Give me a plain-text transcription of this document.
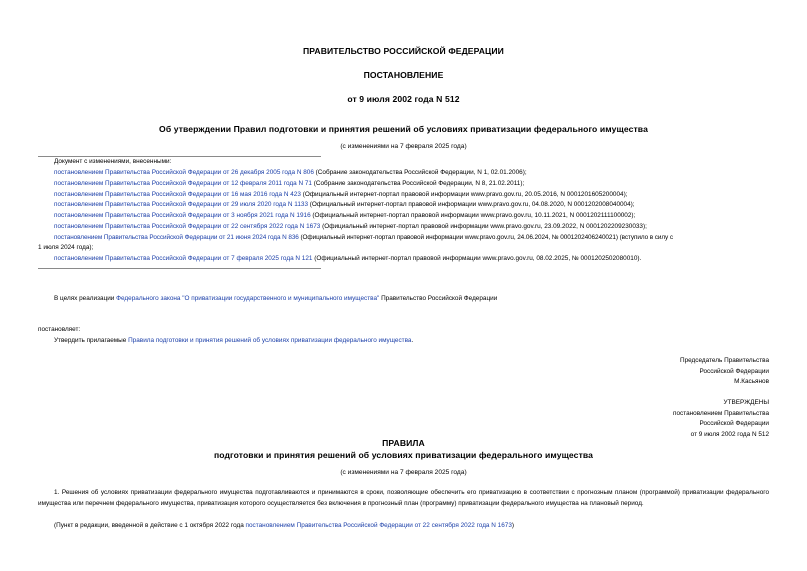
ПРАВИТЕЛЬСТВО РОССИЙСКОЙ ФЕДЕРАЦИИ
ПОСТАНОВЛЕНИЕ
от 9 июля 2002 года N 512
Об утверждении Правил подготовки и принятия решений об условиях приватизации федерального имущества
(с изменениями на 7 февраля 2025 года)
Документ с изменениями, внесенными:
постановлением Правительства Российской Федерации от 26 декабря 2005 года N 806 (Собрание законодательства Российской Федерации, N 1, 02.01.2006);
постановлением Правительства Российской Федерации от 12 февраля 2011 года N 71 (Собрание законодательства Российской Федерации, N 8, 21.02.2011);
постановлением Правительства Российской Федерации от 16 мая 2016 года N 423 (Официальный интернет-портал правовой информации www.pravo.gov.ru, 20.05.2016, N 0001201605200004);
постановлением Правительства Российской Федерации от 29 июля 2020 года N 1133 (Официальный интернет-портал правовой информации www.pravo.gov.ru, 04.08.2020, N 0001202008040004);
постановлением Правительства Российской Федерации от 3 ноября 2021 года N 1916 (Официальный интернет-портал правовой информации www.pravo.gov.ru, 10.11.2021, N 0001202111100002);
постановлением Правительства Российской Федерации от 22 сентября 2022 года N 1673 (Официальный интернет-портал правовой информации www.pravo.gov.ru, 23.09.2022, N 0001202209230033);
постановлением Правительства Российской Федерации от 21 июня 2024 года N 836 (Официальный интернет-портал правовой информации www.pravo.gov.ru, 24.06.2024, № 0001202406240021) (вступило в силу с
1 июля 2024 года);
постановлением Правительства Российской Федерации от 7 февраля 2025 года N 121 (Официальный интернет-портал правовой информации www.pravo.gov.ru, 08.02.2025, № 0001202502080010).
В целях реализации Федерального закона "О приватизации государственного и муниципального имущества" Правительство Российской Федерации
постановляет:
Утвердить прилагаемые Правила подготовки и принятия решений об условиях приватизации федерального имущества.
Председатель Правительства
Российской Федерации
М.Касьянов
УТВЕРЖДЕНЫ
постановлением Правительства
Российской Федерации
от 9 июля 2002 года N 512
ПРАВИЛА
подготовки и принятия решений об условиях приватизации федерального имущества
(с изменениями на 7 февраля 2025 года)
1. Решения об условиях приватизации федерального имущества подготавливаются и принимаются в сроки, позволяющие обеспечить его приватизацию в соответствии с прогнозным планом (программой) приватизации федерального имущества или перечнем федерального имущества, приватизация которого осуществляется без включения в прогнозный план (программу) приватизации федерального имущества на плановый период.
(Пункт в редакции, введенной в действие с 1 октября 2022 года постановлением Правительства Российской Федерации от 22 сентября 2022 года N 1673)
